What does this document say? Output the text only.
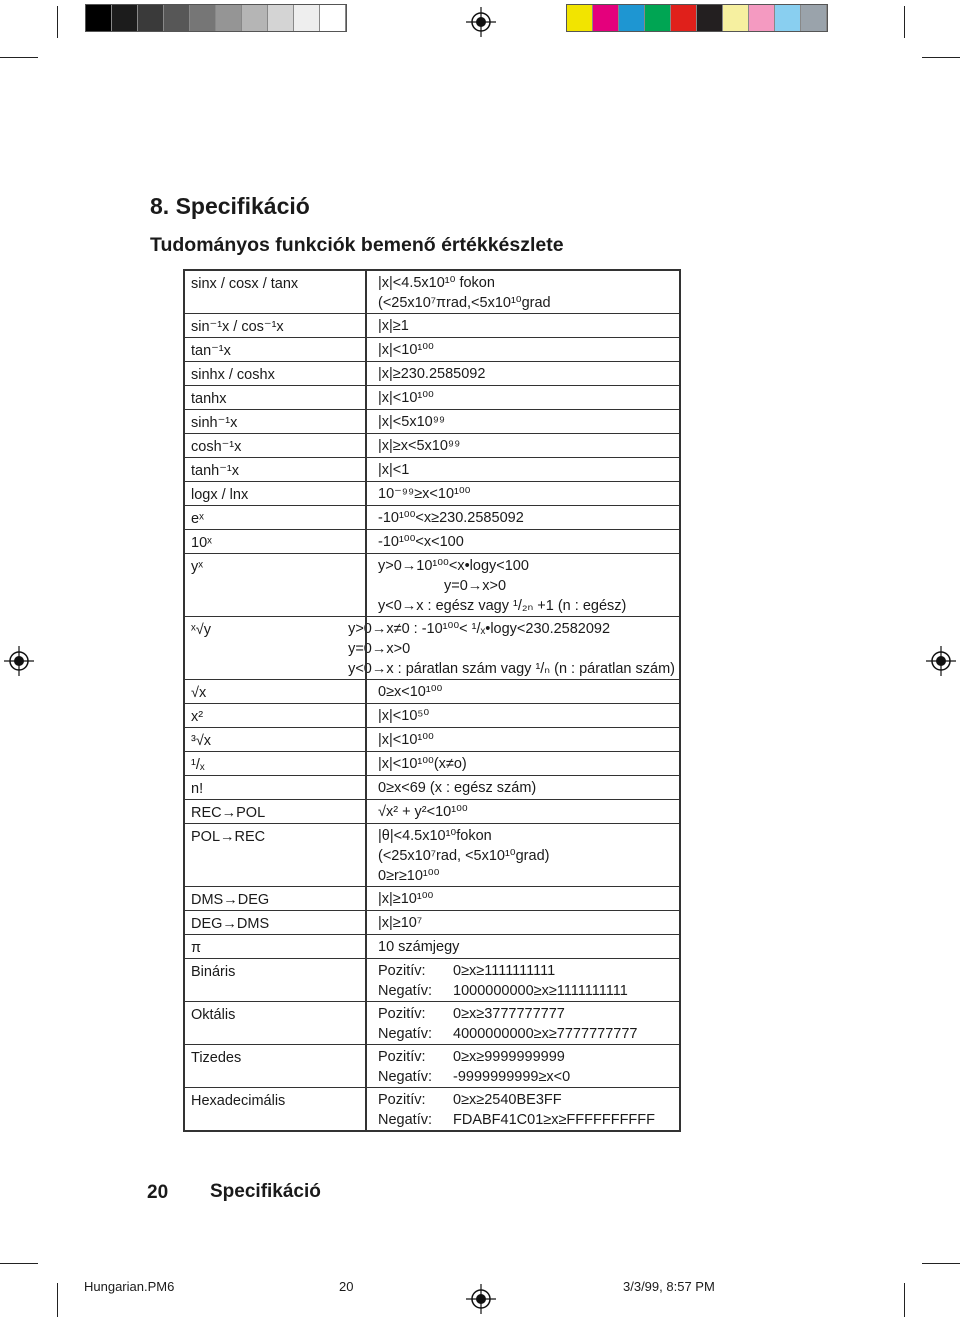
8. Specifikáció
Tudományos funkciók bemenő értékkészlete
sinx / cosx / tanx	|x|<4.5x10¹⁰ fokon
(<25x10⁷πrad,<5x10¹⁰grad
sin⁻¹x / cos⁻¹x	|x|≥1
tan⁻¹x	|x|<10¹⁰⁰
sinhx / coshx	|x|≥230.2585092
tanhx	|x|<10¹⁰⁰
sinh⁻¹x	|x|<5x10⁹⁹
cosh⁻¹x	|x|≥x<5x10⁹⁹
tanh⁻¹x	|x|<1
logx / lnx	10⁻⁹⁹≥x<10¹⁰⁰
eˣ	-10¹⁰⁰<x≥230.2585092
10ˣ	-10¹⁰⁰<x<100
yˣ	y>0→10¹⁰⁰<x•logy<100
y=0→x>0
y<0→x : egész vagy ¹/₂ₙ +1 (n : egész)
ˣ√y	y>0→x≠0 : -10¹⁰⁰< ¹/ₓ•logy<230.2582092
y=0→x>0
y<0→x : páratlan szám vagy ¹/ₙ (n : páratlan szám)
√x	0≥x<10¹⁰⁰
x²	|x|<10⁵⁰
³√x	|x|<10¹⁰⁰
¹/ₓ	|x|<10¹⁰⁰(x≠o)
n!	0≥x<69 (x : egész szám)
REC→POL	√x² + y²<10¹⁰⁰
POL→REC	|θ|<4.5x10¹⁰fokon
(<25x10⁷rad, <5x10¹⁰grad)
0≥r≥10¹⁰⁰
DMS→DEG	|x|≥10¹⁰⁰
DEG→DMS	|x|≥10⁷
π	10 számjegy
Bináris	Pozitív: 0≥x≥1111111111
Negatív: 1000000000≥x≥1111111111
Oktális	Pozitív: 0≥x≥3777777777
Negatív: 4000000000≥x≥7777777777
Tizedes	Pozitív: 0≥x≥9999999999
Negatív: -9999999999≥x<0
Hexadecimális	Pozitív: 0≥x≥2540BE3FF
Negatív: FDABF41C01≥x≥FFFFFFFFFF
20 Specifikáció
Hungarian.PM6	20	3/3/99, 8:57 PM
